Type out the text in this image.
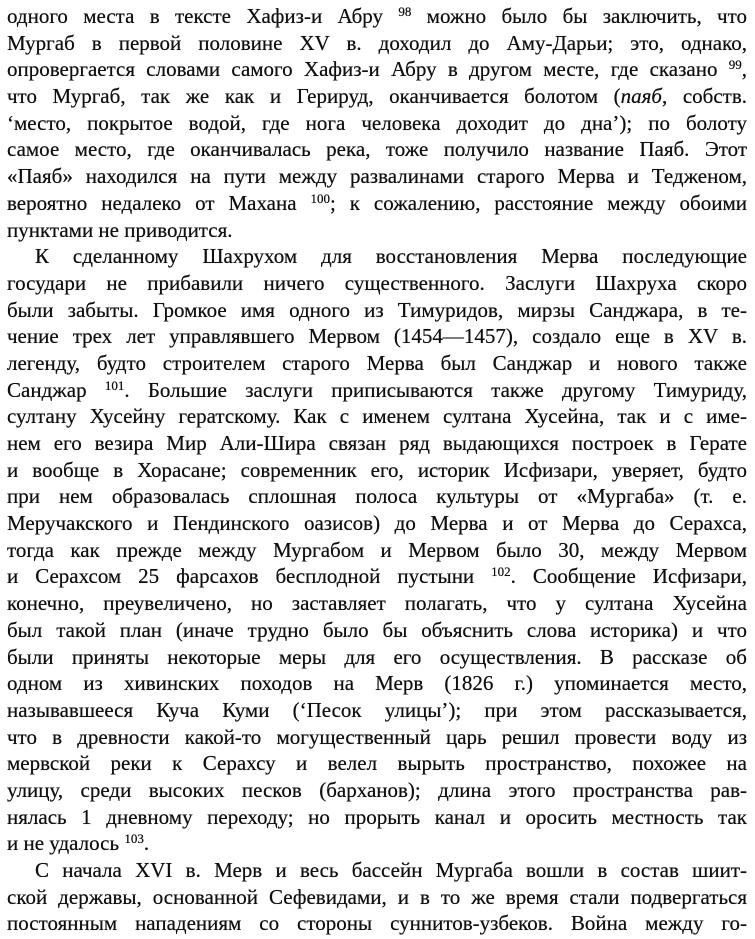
одного места в тексте Хафиз-и Абру $^{98}$ можно было бы заключить, что
Мургаб в первой половине XV в. доходил до Аму-Дарьи; это, однако,
опровергается словами самого Хафиз-и Абру в другом месте, где сказано $^{99}$,
что Мургаб, так же как и Герируд, оканчивается болотом (паяб, собств.
‘место, покрытое водой, где нога человека доходит до дна’); по болоту
самое место, где оканчивалась река, тоже получило название Паяб. Этот
«Паяб» находился на пути между развалинами старого Мерва и Тедженом,
вероятно недалеко от Махана $^{100}$; к сожалению, расстояние между обоими
пунктами не приводится.
К сделанному Шахрухом для восстановления Мерва последующие
государи не прибавили ничего существенного. Заслуги Шахруха скоро
были забыты. Громкое имя одного из Тимуридов, мирзы Санджара, в те-
чение трех лет управлявшего Мервом (1454—1457), создало еще в XV в.
легенду, будто строителем старого Мерва был Санджар и нового также
Санджар $^{101}$. Большие заслуги приписываются также другому Тимуриду,
султану Хусейну гератскому. Как с именем султана Хусейна, так и с име-
нем его везира Мир Али-Шира связан ряд выдающихся построек в Герате
и вообще в Хорасане; современник его, историк Исфизари, уверяет, будто
при нем образовалась сплошная полоса культуры от «Мургаба» (т. е.
Меручакского и Пендинского оазисов) до Мерва и от Мерва до Серахса,
тогда как прежде между Мургабом и Мервом было 30, между Мервом
и Серахсом 25 фарсахов бесплодной пустыни $^{102}$. Сообщение Исфизари,
конечно, преувеличено, но заставляет полагать, что у султана Хусейна
был такой план (иначе трудно было бы объяснить слова историка) и что
были приняты некоторые меры для его осуществления. В рассказе об
одном из хивинских походов на Мерв (1826 г.) упоминается место,
называвшееся Куча Куми (‘Песок улицы’); при этом рассказывается,
что в древности какой-то могущественный царь решил провести воду из
мервской реки к Серахсу и велел вырыть пространство, похожее на
улицу, среди высоких песков (барханов); длина этого пространства рав-
нялась 1 дневному переходу; но прорыть канал и оросить местность так
и не удалось $^{103}$.
С начала XVI в. Мерв и весь бассейн Мургаба вошли в состав шиит-
ской державы, основанной Сефевидами, и в то же время стали подвергаться
постоянным нападениям со стороны суннитов-узбеков. Война между го-
